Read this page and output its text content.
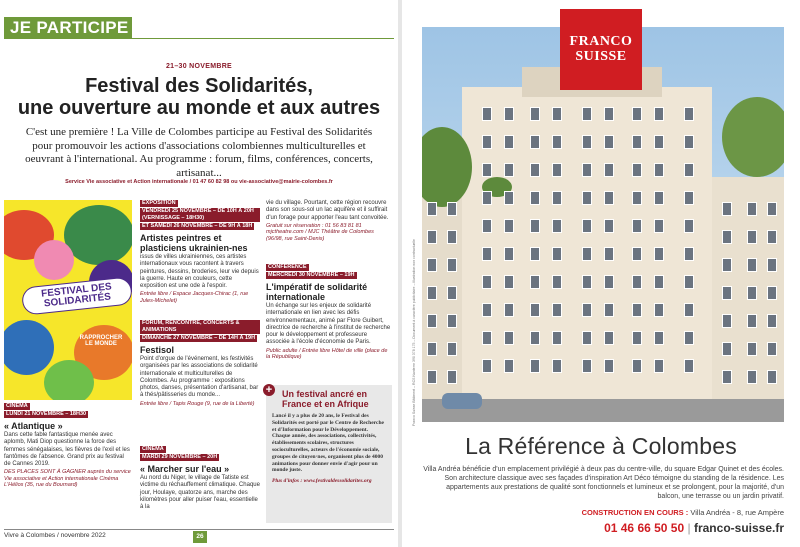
JE PARTICIPE
21–30 NOVEMBRE
Festival des Solidarités,
une ouverture au monde et aux autres
C'est une première ! La Ville de Colombes participe au Festival des Solidarités pour promouvoir les actions d'associations colombiennes multiculturelles et oeuvrant à l'international. Au programme : forum, films, conférences, concerts, artisanat...
Service Vie associative et Action internationale / 01 47 60 82 98 ou vie-associative@mairie-colombes.fr
FESTIVAL DES SOLIDARITÉS
RAPPROCHER LE MONDE
CINÉMA
LUNDI 21 NOVEMBRE – 18H30
« Atlantique »
Dans cette fable fantastique menée avec aplomb, Mati Diop questionne la force des femmes sénégalaises, les fièvres de l'exil et les fantômes de l'absence. Grand prix au festival de Cannes 2019.
DES PLACES SONT À GAGNER auprès du service Vie associative et Action internationale Cinéma L'Hélios (35, rue du Bournard)
EXPOSITION
VENDREDI 25 NOVEMBRE – DE 10H À 20H (VERNISSAGE – 18H30)
ET SAMEDI 26 NOVEMBRE – DE 9H À 18H
Artistes peintres et plasticiens ukrainien-nes
issus de villes ukrainiennes, ces artistes internationaux vous racontent à travers peintures, dessins, broderies, leur vie depuis la guerre. Haute en couleurs, cette exposition est une ode à l'espoir.
Entrée libre / Espace Jacques-Chirac (1, rue Jules-Michelet)
FORUM, RENCONTRE, CONCERTS & ANIMATIONS
DIMANCHE 27 NOVEMBRE – DE 14H À 19H
Festisol
Point d'orgue de l'événement, les festivités organisées par les associations de solidarité internationale et multiculturelles de Colombes. Au programme : expositions photos, danses, présentation d'artisanat, bar à thés/pâtisseries du monde...
Entrée libre / Tapis Rouge (9, rue de la Liberté)
CINÉMA
MARDI 29 NOVEMBRE – 20H
« Marcher sur l'eau »
Au nord du Niger, le village de Tatiste est victime du réchauffement climatique. Chaque jour, Houlaye, quatorze ans, marche des kilomètres pour aller puiser l'eau, essentielle à la
vie du village. Pourtant, cette région recouvre dans son sous-sol un lac aquifère et il suffirait d'un forage pour apporter l'eau tant convoitée.
Gratuit sur réservation : 01 56 83 81 81 mjctheatre.com / MJC Théâtre de Colombes (96/98, rue Saint-Denis)
CONFÉRENCE
MERCREDI 30 NOVEMBRE – 19H
L'impératif de solidarité internationale
Un échange sur les enjeux de solidarité internationale en lien avec les défis environnementaux, animé par Flore Guibert, directrice de recherche à l'institut de recherche pour le développement et professeure associée à l'école d'économie de Paris.
Public adulte / Entrée libre Hôtel de ville (place de la République)
Un festival ancré en France et en Afrique
Lancé il y a plus de 20 ans, le Festival des Solidarités est porté par le Centre de Recherche et d'Information pour le Développement. Chaque année, des associations, collectivités, établissements scolaires, structures socioculturelles, acteurs de l'économie sociale, groupes de citoyen·nes, organisent plus de 4000 animations pour donner envie d'agir pour un monde juste.
Plus d'infos : www.festivaldessolidarites.org
+
Vivre à Colombes / novembre 2022	26
FRANCO
SUISSE
Franco Suisse Bâtiment – RCS Nanterre 390 378 175 – Document à caractère publicitaire – Illustration non contractuelle
La Référence à Colombes
Villa Andréa bénéficie d'un emplacement privilégié à deux pas du centre-ville, du square Edgar Quinet et des écoles. Son architecture classique avec ses façades d'inspiration Art Déco témoigne du standing de la résidence. Les appartements aux prestations de qualité sont fonctionnels et lumineux et se prolongent, pour la majorité, d'un balcon, une terrasse ou un jardin privatif.
CONSTRUCTION EN COURS : Villa Andréa - 8, rue Ampère
01 46 66 50 50 | franco-suisse.fr
